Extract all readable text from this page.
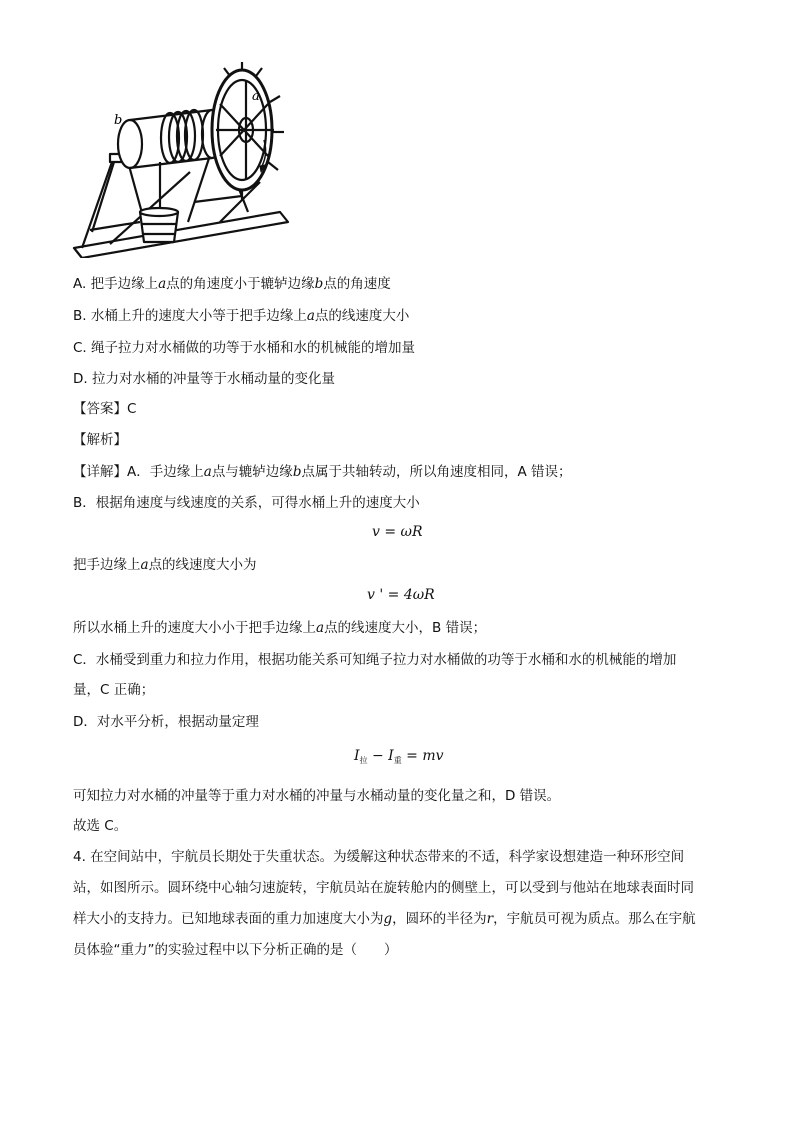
a
b
A. 把手边缘上a点的角速度小于辘轳边缘b点的角速度
B. 水桶上升的速度大小等于把手边缘上a点的线速度大小
C. 绳子拉力对水桶做的功等于水桶和水的机械能的增加量
D. 拉力对水桶的冲量等于水桶动量的变化量
【答案】C
【解析】
【详解】A．手边缘上a点与辘轳边缘b点属于共轴转动，所以角速度相同，A 错误；
B．根据角速度与线速度的关系，可得水桶上升的速度大小
v = ωR
把手边缘上a点的线速度大小为
v ' = 4ωR
所以水桶上升的速度大小小于把手边缘上a点的线速度大小，B 错误；
C．水桶受到重力和拉力作用，根据功能关系可知绳子拉力对水桶做的功等于水桶和水的机械能的增加
量，C 正确；
D．对水平分析，根据动量定理
$I_拉 - I_重$ = mv
可知拉力对水桶的冲量等于重力对水桶的冲量与水桶动量的变化量之和，D 错误。
故选 C。
4. 在空间站中，宇航员长期处于失重状态。为缓解这种状态带来的不适，科学家设想建造一种环形空间
站，如图所示。圆环绕中心轴匀速旋转，宇航员站在旋转舱内的侧壁上，可以受到与他站在地球表面时同
样大小的支持力。已知地球表面的重力加速度大小为g，圆环的半径为r，宇航员可视为质点。那么在宇航
员体验“重力”的实验过程中以下分析正确的是（　　）
